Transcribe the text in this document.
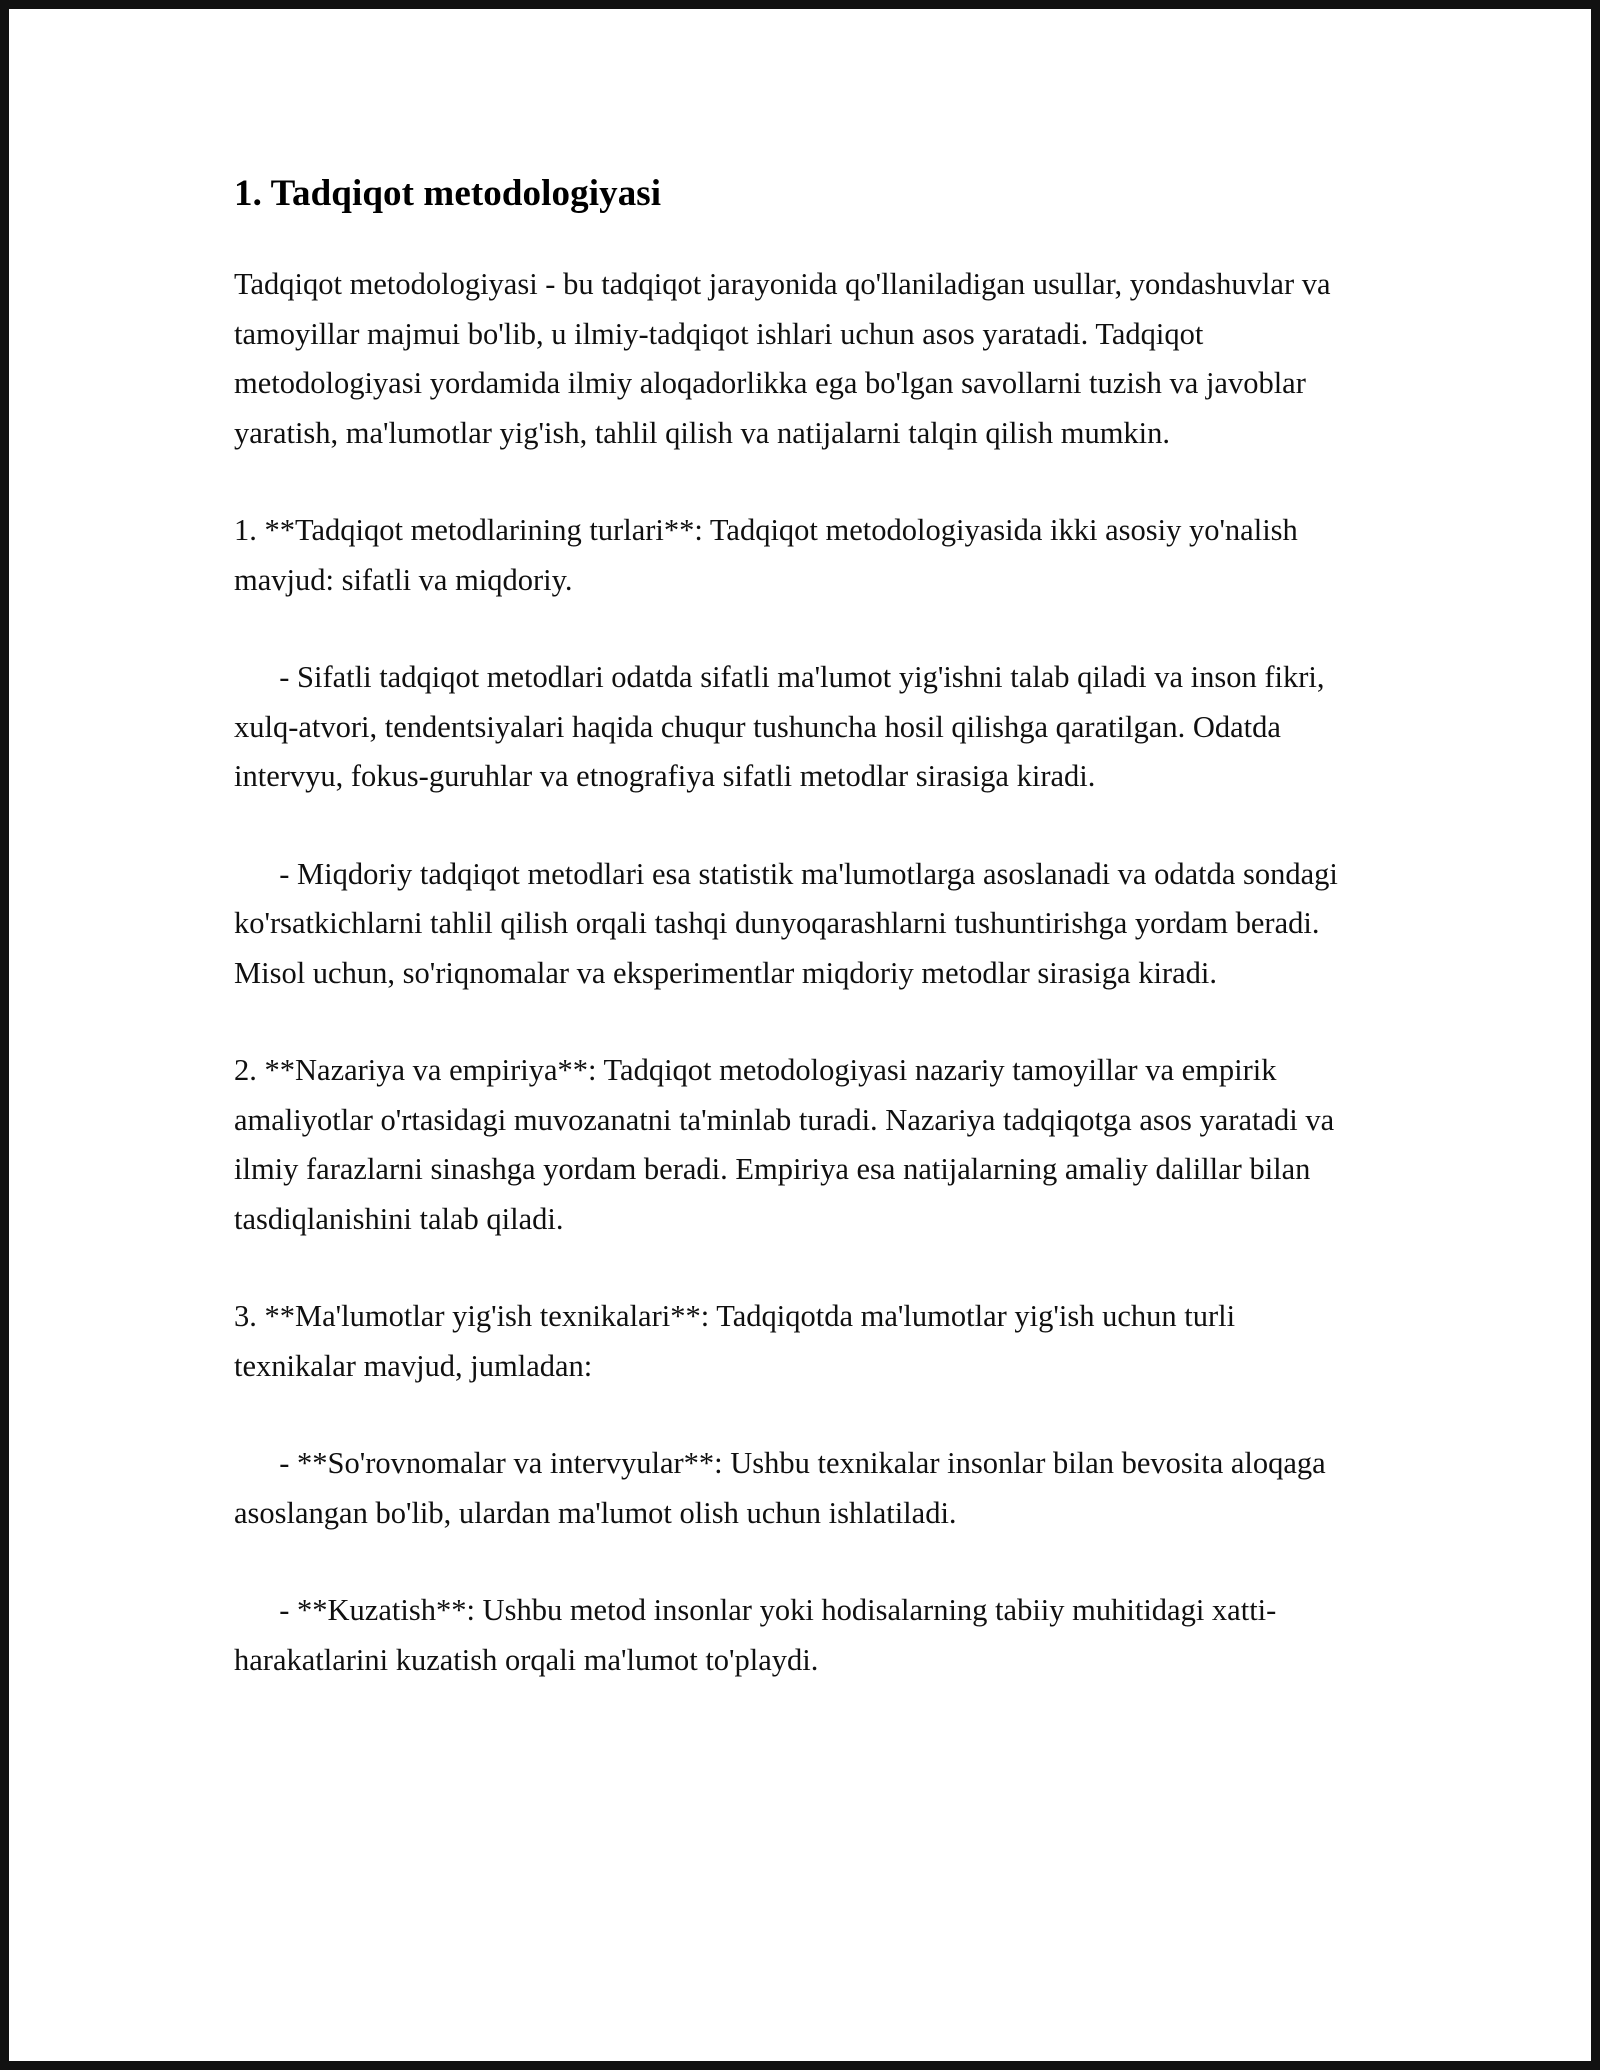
1. Tadqiqot metodologiyasi

Tadqiqot metodologiyasi - bu tadqiqot jarayonida qo'llaniladigan usullar, yondashuvlar va tamoyillar majmui bo'lib, u ilmiy-tadqiqot ishlari uchun asos yaratadi. Tadqiqot metodologiyasi yordamida ilmiy aloqadorlikka ega bo'lgan savollarni tuzish va javoblar yaratish, ma'lumotlar yig'ish, tahlil qilish va natijalarni talqin qilish mumkin.

1. **Tadqiqot metodlarining turlari**: Tadqiqot metodologiyasida ikki asosiy yo'nalish mavjud: sifatli va miqdoriy.

- Sifatli tadqiqot metodlari odatda sifatli ma'lumot yig'ishni talab qiladi va inson fikri, xulq-atvori, tendentsiyalari haqida chuqur tushuncha hosil qilishga qaratilgan. Odatda intervyu, fokus-guruhlar va etnografiya sifatli metodlar sirasiga kiradi.

- Miqdoriy tadqiqot metodlari esa statistik ma'lumotlarga asoslanadi va odatda sondagi ko'rsatkichlarni tahlil qilish orqali tashqi dunyoqarashlarni tushuntirishga yordam beradi. Misol uchun, so'riqnomalar va eksperimentlar miqdoriy metodlar sirasiga kiradi.

2. **Nazariya va empiriya**: Tadqiqot metodologiyasi nazariy tamoyillar va empirik amaliyotlar o'rtasidagi muvozanatni ta'minlab turadi. Nazariya tadqiqotga asos yaratadi va ilmiy farazlarni sinashga yordam beradi. Empiriya esa natijalarning amaliy dalillar bilan tasdiqlanishini talab qiladi.

3. **Ma'lumotlar yig'ish texnikalari**: Tadqiqotda ma'lumotlar yig'ish uchun turli texnikalar mavjud, jumladan:

- **So'rovnomalar va intervyular**: Ushbu texnikalar insonlar bilan bevosita aloqaga asoslangan bo'lib, ulardan ma'lumot olish uchun ishlatiladi.

- **Kuzatish**: Ushbu metod insonlar yoki hodisalarning tabiiy muhitidagi xatti-harakatlarini kuzatish orqali ma'lumot to'playdi.
